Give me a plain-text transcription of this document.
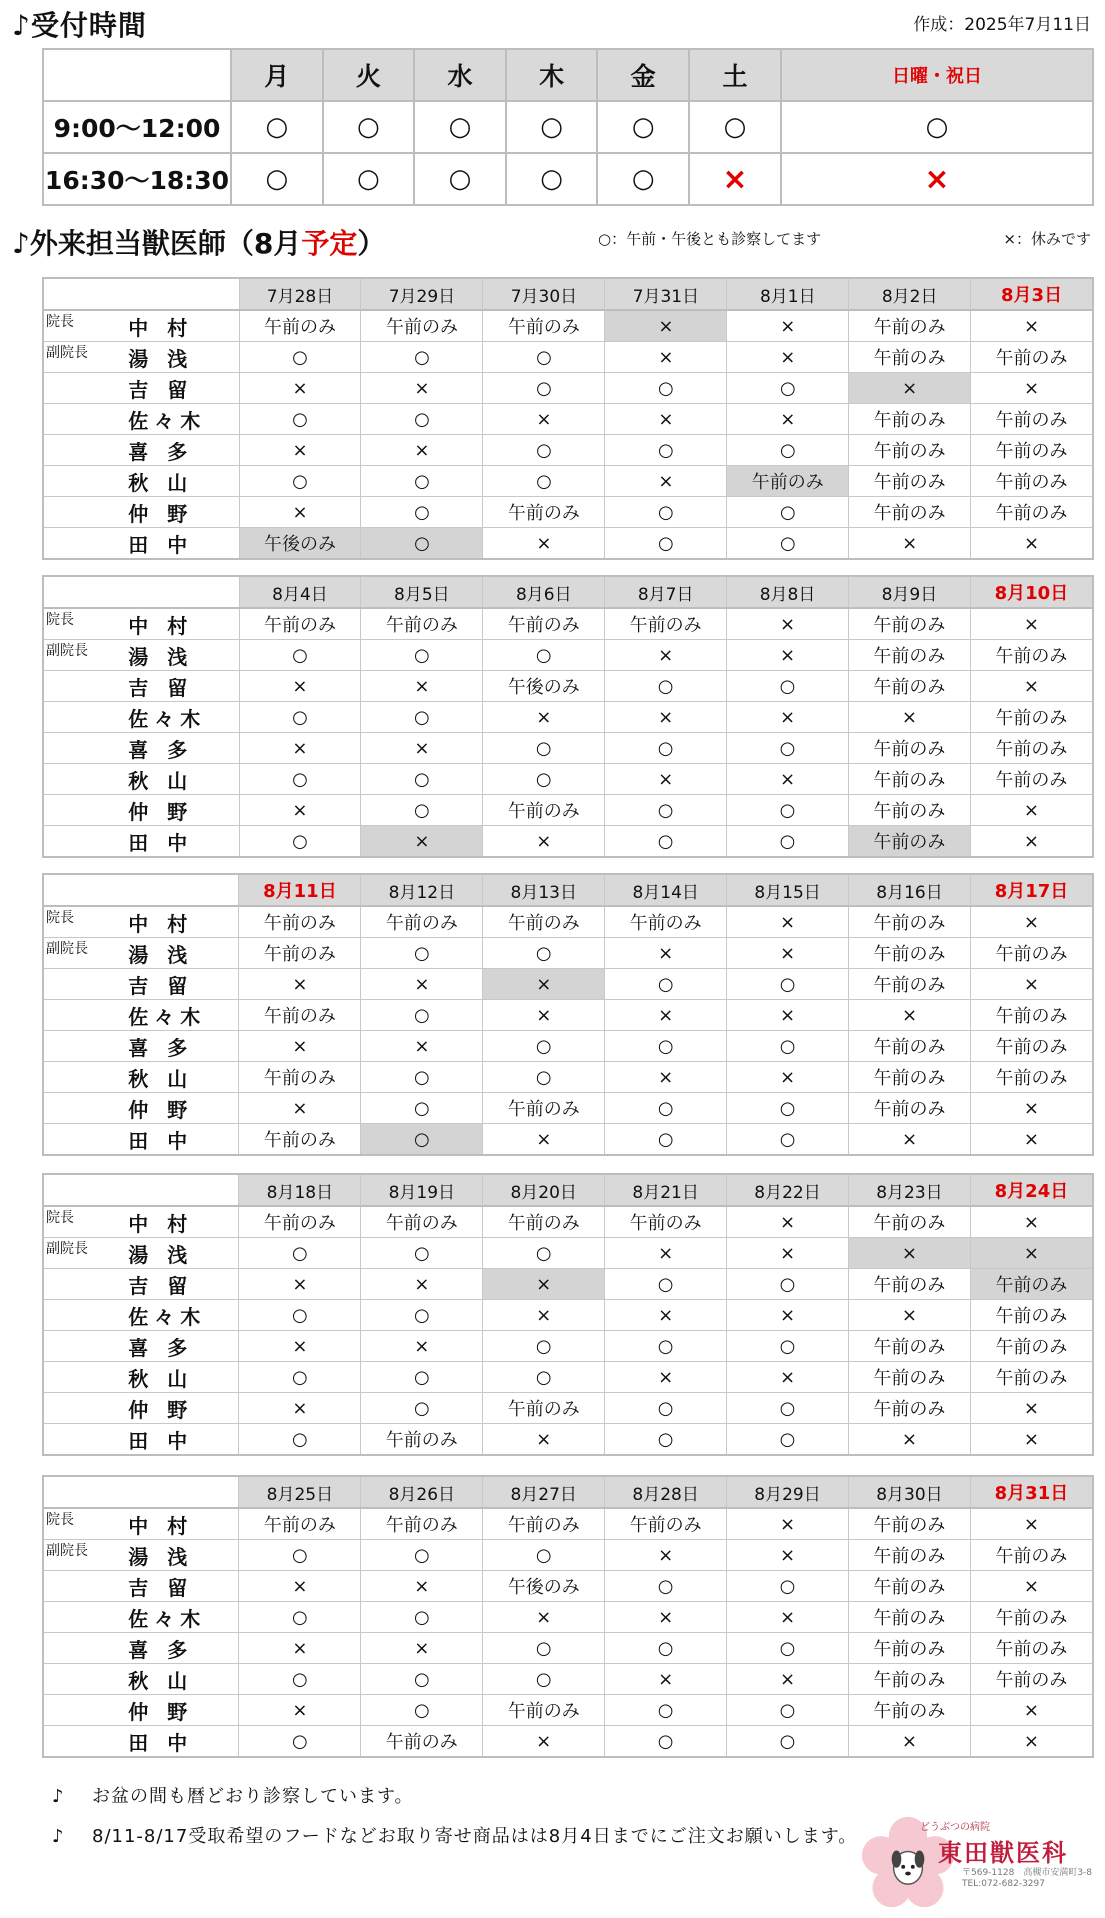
♪受付時間	作成：2025年7月11日
	月	火	水	木	金	土	日曜・祝日
9:00～12:00	○	○	○	○	○	○	○
16:30～18:30	○	○	○	○	○	×	×
♪外来担当獣医師（8月予定）	○：午前・午後とも診察してます	×：休みです
		7月28日	7月29日	7月30日	7月31日	8月1日	8月2日	8月3日
院長	中 村	午前のみ	午前のみ	午前のみ	×	×	午前のみ	×
副院長	湯 浅	○	○	○	×	×	午前のみ	午前のみ
	吉 留	×	×	○	○	○	×	×
	佐々木	○	○	×	×	×	午前のみ	午前のみ
	喜 多	×	×	○	○	○	午前のみ	午前のみ
	秋 山	○	○	○	×	午前のみ	午前のみ	午前のみ
	仲 野	×	○	午前のみ	○	○	午前のみ	午前のみ
	田 中	午後のみ	○	×	○	○	×	×
		8月4日	8月5日	8月6日	8月7日	8月8日	8月9日	8月10日
院長	中 村	午前のみ	午前のみ	午前のみ	午前のみ	×	午前のみ	×
副院長	湯 浅	○	○	○	×	×	午前のみ	午前のみ
	吉 留	×	×	午後のみ	○	○	午前のみ	×
	佐々木	○	○	×	×	×	×	午前のみ
	喜 多	×	×	○	○	○	午前のみ	午前のみ
	秋 山	○	○	○	×	×	午前のみ	午前のみ
	仲 野	×	○	午前のみ	○	○	午前のみ	×
	田 中	○	×	×	○	○	午前のみ	×
		8月11日	8月12日	8月13日	8月14日	8月15日	8月16日	8月17日
院長	中 村	午前のみ	午前のみ	午前のみ	午前のみ	×	午前のみ	×
副院長	湯 浅	午前のみ	○	○	×	×	午前のみ	午前のみ
	吉 留	×	×	×	○	○	午前のみ	×
	佐々木	午前のみ	○	×	×	×	×	午前のみ
	喜 多	×	×	○	○	○	午前のみ	午前のみ
	秋 山	午前のみ	○	○	×	×	午前のみ	午前のみ
	仲 野	×	○	午前のみ	○	○	午前のみ	×
	田 中	午前のみ	○	×	○	○	×	×
		8月18日	8月19日	8月20日	8月21日	8月22日	8月23日	8月24日
院長	中 村	午前のみ	午前のみ	午前のみ	午前のみ	×	午前のみ	×
副院長	湯 浅	○	○	○	×	×	×	×
	吉 留	×	×	×	○	○	午前のみ	午前のみ
	佐々木	○	○	×	×	×	×	午前のみ
	喜 多	×	×	○	○	○	午前のみ	午前のみ
	秋 山	○	○	○	×	×	午前のみ	午前のみ
	仲 野	×	○	午前のみ	○	○	午前のみ	×
	田 中	○	午前のみ	×	○	○	×	×
		8月25日	8月26日	8月27日	8月28日	8月29日	8月30日	8月31日
院長	中 村	午前のみ	午前のみ	午前のみ	午前のみ	×	午前のみ	×
副院長	湯 浅	○	○	○	×	×	午前のみ	午前のみ
	吉 留	×	×	午後のみ	○	○	午前のみ	×
	佐々木	○	○	×	×	×	午前のみ	午前のみ
	喜 多	×	×	○	○	○	午前のみ	午前のみ
	秋 山	○	○	○	×	×	午前のみ	午前のみ
	仲 野	×	○	午前のみ	○	○	午前のみ	×
	田 中	○	午前のみ	×	○	○	×	×
♪ お盆の間も暦どおり診察しています。
♪ 8/11-8/17受取希望のフードなどお取り寄せ商品はは8月4日までにご注文お願いします。	どうぶつの病院
東田獣医科
〒569-1128　高槻市安満町3-8
TEL:072-682-3297
